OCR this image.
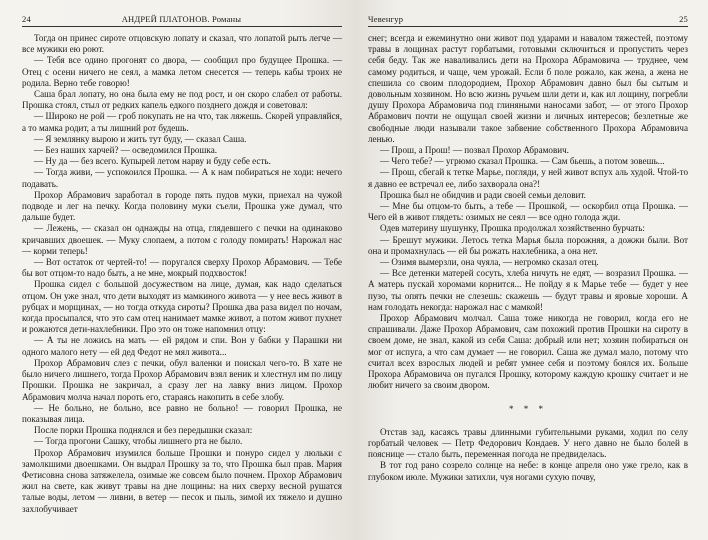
24	АНДРЕЙ ПЛАТОНОВ. Романы

Тогда он принес сироте отцовскую лопату и сказал, что лопатой рыть легче — все мужики ею роют.

— Тебя все одино прогонят со двора, — сообщил про будущее Прошка. — Отец с осени ничего не сеял, а мамка летом снесется — теперь кабы троих не родила. Верно тебе говорю!

Саша брал лопату, но она была ему не под рост, и он скоро слабел от работы. Прошка стоял, стыл от редких капель едкого позднего дождя и советовал:

— Широко не рой — гроб покупать не на что, так ляжешь. Скорей управляйся, а то мамка родит, а ты лишний рот будешь.

— Я землянку вырою и жить тут буду, — сказал Саша.

— Без наших харчей? — осведомился Прошка.

— Ну да — без всего. Купырей летом нарву и буду себе есть.

— Тогда живи, — успокоился Прошка. — А к нам побираться не ходи: нечего подавать.

Прохор Абрамович заработал в городе пять пудов муки, приехал на чужой подводе и лег на печку. Когда половину муки съели, Прошка уже думал, что дальше будет.

— Лежень, — сказал он однажды на отца, глядевшего с печки на одинаково кричавших двоешек. — Муку слопаем, а потом с голоду помирать! Нарожал нас — корми теперь!

— Вот остаток от чертей-то! — поругался сверху Прохор Абрамович. — Тебе бы вот отцом-то надо быть, а не мне, мокрый подхвосток!

Прошка сидел с большой досужеством на лице, думая, как надо сделаться отцом. Он уже знал, что дети выходят из мамкиного живота — у нее весь живот в рубцах и морщинах, — но тогда откуда сироты? Прошка два раза видел по ночам, когда просыпался, что это сам отец нанимает мамке живот, а потом живот пухнет и рожаются дети-нахлебники. Про это он тоже напомнил отцу:

— А ты не ложись на мать — ей рядом и спи. Вон у бабки у Парашки ни одного малого нету — ей дед Федот не мял живота...

Прохор Абрамович слез с печки, обул валенки и поискал чего-то. В хате не было ничего лишнего, тогда Прохор Абрамович взял веник и хлестнул им по лицу Прошки. Прошка не закричал, а сразу лег на лавку вниз лицом. Прохор Абрамович молча начал пороть его, стараясь накопить в себе злобу.

— Не больно, не больно, все равно не больно! — говорил Прошка, не показывая лица.

После порки Прошка поднялся и без передышки сказал:

— Тогда прогони Сашку, чтобы лишнего рта не было.

Прохор Абрамович изумился больше Прошки и понуро сидел у люльки с замолкшими двоешками. Он выдрал Прошку за то, что Прошка был прав. Мария Фетисовна снова затяжелела, озимые же совсем было почнем. Прохор Абрамович жил на свете, как живут травы на дне лощины: на них сверху весной рушатся талые воды, летом — ливни, в ветер — песок и пыль, зимой их тяжело и душно захлобучивает

Чевенгур	25

снег; всегда и ежеминутно они живот под ударами и навалом тяжестей, поэтому травы в лощинах растут горбатыми, готовыми сключиться и пропустить через себя беду. Так же наваливались дети на Прохора Абрамовича — труднее, чем самому родиться, и чаще, чем урожай. Если б поле рожало, как жена, а жена не спешила со своим плодородием, Прохор Абрамович давно был бы сытым и довольным хозяином. Но всю жизнь ручьем шли дети и, как ил лощину, погребли душу Прохора Абрамовича под глиняными наносами забот, — от этого Прохор Абрамович почти не ощущал своей жизни и личных интересов; безлетные же свободные люди называли такое забвение собственного Прохора Абрамовича ленью.

— Прош, а Прош! — позвал Прохор Абрамович.

— Чего тебе? — угрюмо сказал Прошка. — Сам бьешь, а потом зовешь...

— Прош, сбегай к тетке Марье, погляди, у ней живот вспух аль худой. Чтой-то я давно ее встречал ее, либо захворала она?!

Прошка был не обидчив и ради своей семьи деловит.

— Мне бы отцом-то быть, а тебе — Прошкой, — оскорбил отца Прошка. — Чего ей в живот глядеть: озимых не сеял — все одно голода жди.

Одев материну шушунку, Прошка продолжал хозяйственно бурчать:

— Брешут мужики. Летось тетка Марья была порожняя, а дожжи были. Вот она и промахнулась — ей бы рожать нахлебника, а она нет.

— Озимя вымерзли, она чуяла, — негромко сказал отец.

— Все детенки матерей сосуть, хлеба ничуть не едят, — возразил Прошка. — А матерь пускай хоромами корнится... Не пойду я к Марье тебе — будет у нее пузо, ты опять печки не слезешь: скажешь — будут травы и яровые хороши. А нам голодать некогда: нарожал нас с мамкой!

Прохор Абрамович молчал. Саша тоже никогда не говорил, когда его не спрашивали. Даже Прохор Абрамович, сам похожий против Прошки на сироту в своем доме, не знал, какой из себя Саша: добрый или нет; хозяин побираться он мог от испуга, а что сам думает — не говорил. Саша же думал мало, потому что считал всех взрослых людей и ребят умнее себя и поэтому боялся их. Больше Прохора Абрамовича он пугался Прошку, которому каждую крошку считает и не любит ничего за своим двором.

* * *

Отстав зад, касаясь травы длинными губительными руками, ходил по селу горбатый человек — Петр Федорович Кондаев. У него давно не было болей в пояснице — стало быть, переменная погода не предвиделась.

В тот год рано созрело солнце на небе: в конце апреля оно уже грело, как в глубоком июле. Мужики затихли, чуя ногами сухую почву,
